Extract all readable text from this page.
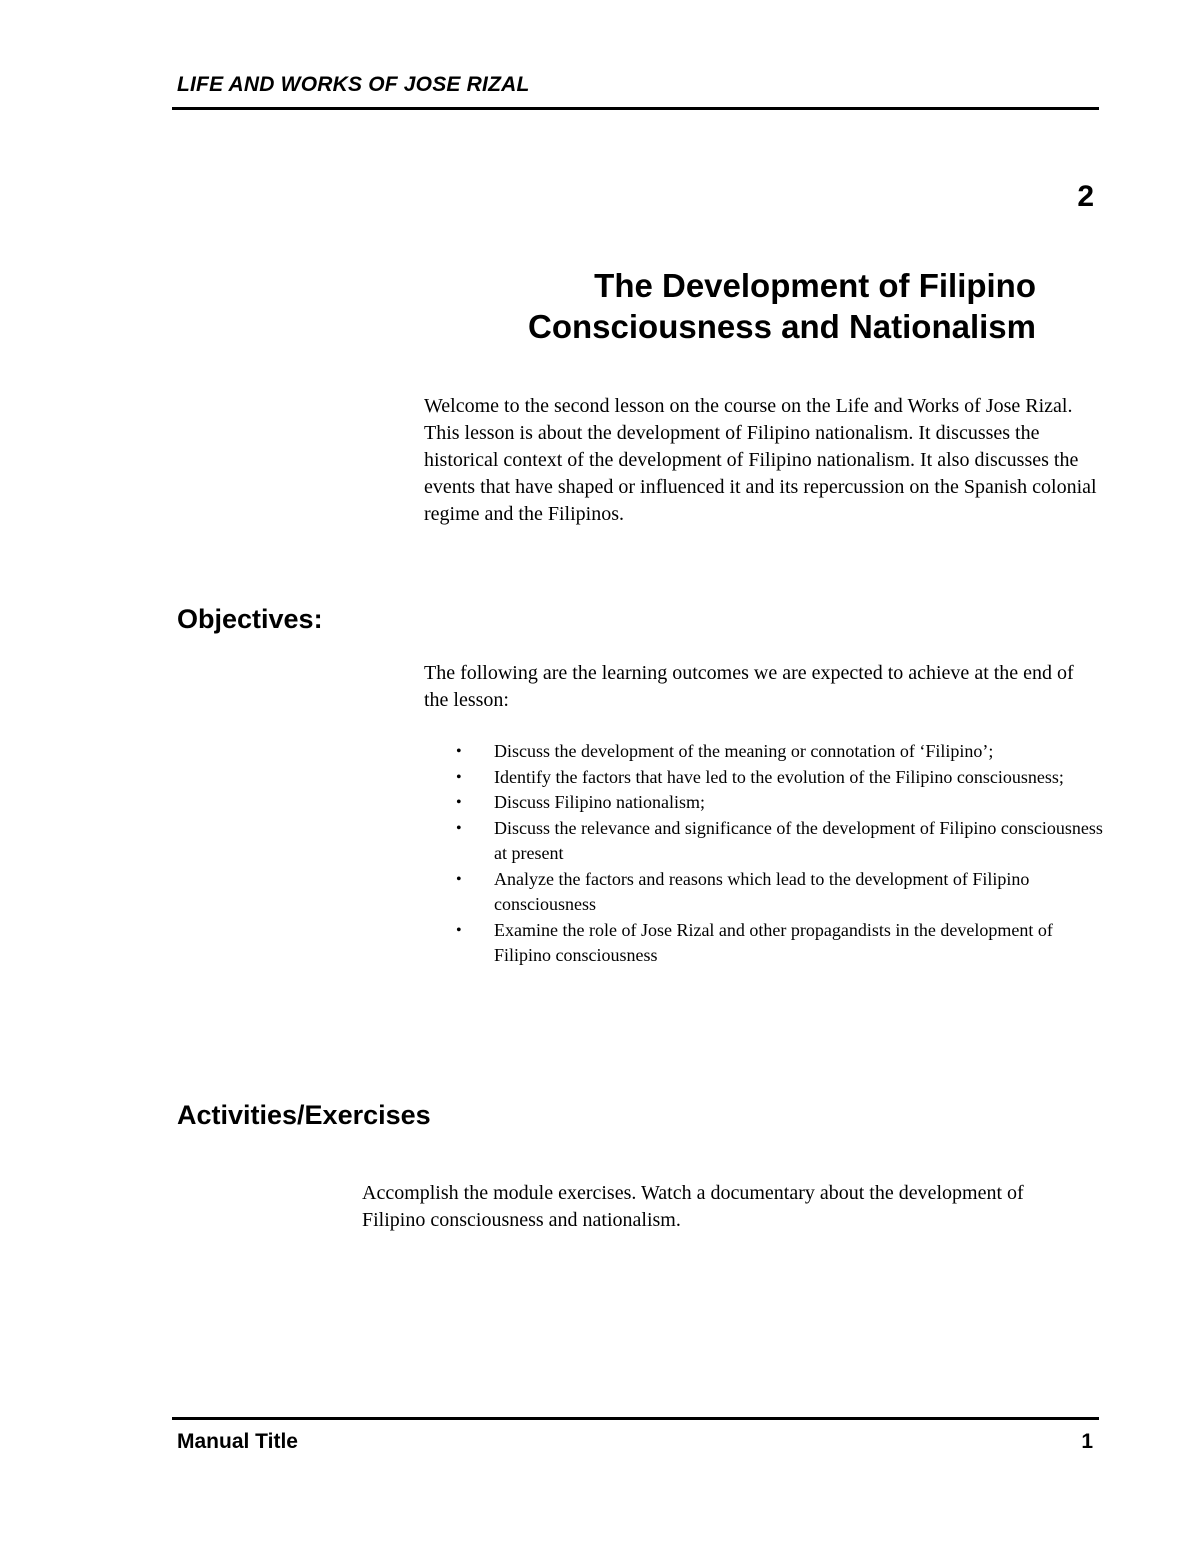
LIFE AND WORKS OF JOSE RIZAL
2
The Development of Filipino
Consciousness and Nationalism

Welcome to the second lesson on the course on the Life and Works of Jose Rizal. This lesson is about the development of Filipino nationalism. It discusses the historical context of the development of Filipino nationalism. It also discusses the events that have shaped or influenced it and its repercussion on the Spanish colonial regime and the Filipinos.

Objectives:

The following are the learning outcomes we are expected to achieve at the end of the lesson:

• Discuss the development of the meaning or connotation of ‘Filipino’;
• Identify the factors that have led to the evolution of the Filipino consciousness;
• Discuss Filipino nationalism;
• Discuss the relevance and significance of the development of Filipino consciousness at present
• Analyze the factors and reasons which lead to the development of Filipino consciousness
• Examine the role of Jose Rizal and other propagandists in the development of Filipino consciousness
Activities/Exercises

Accomplish the module exercises. Watch a documentary about the development of Filipino consciousness and nationalism.

Manual Title	1
